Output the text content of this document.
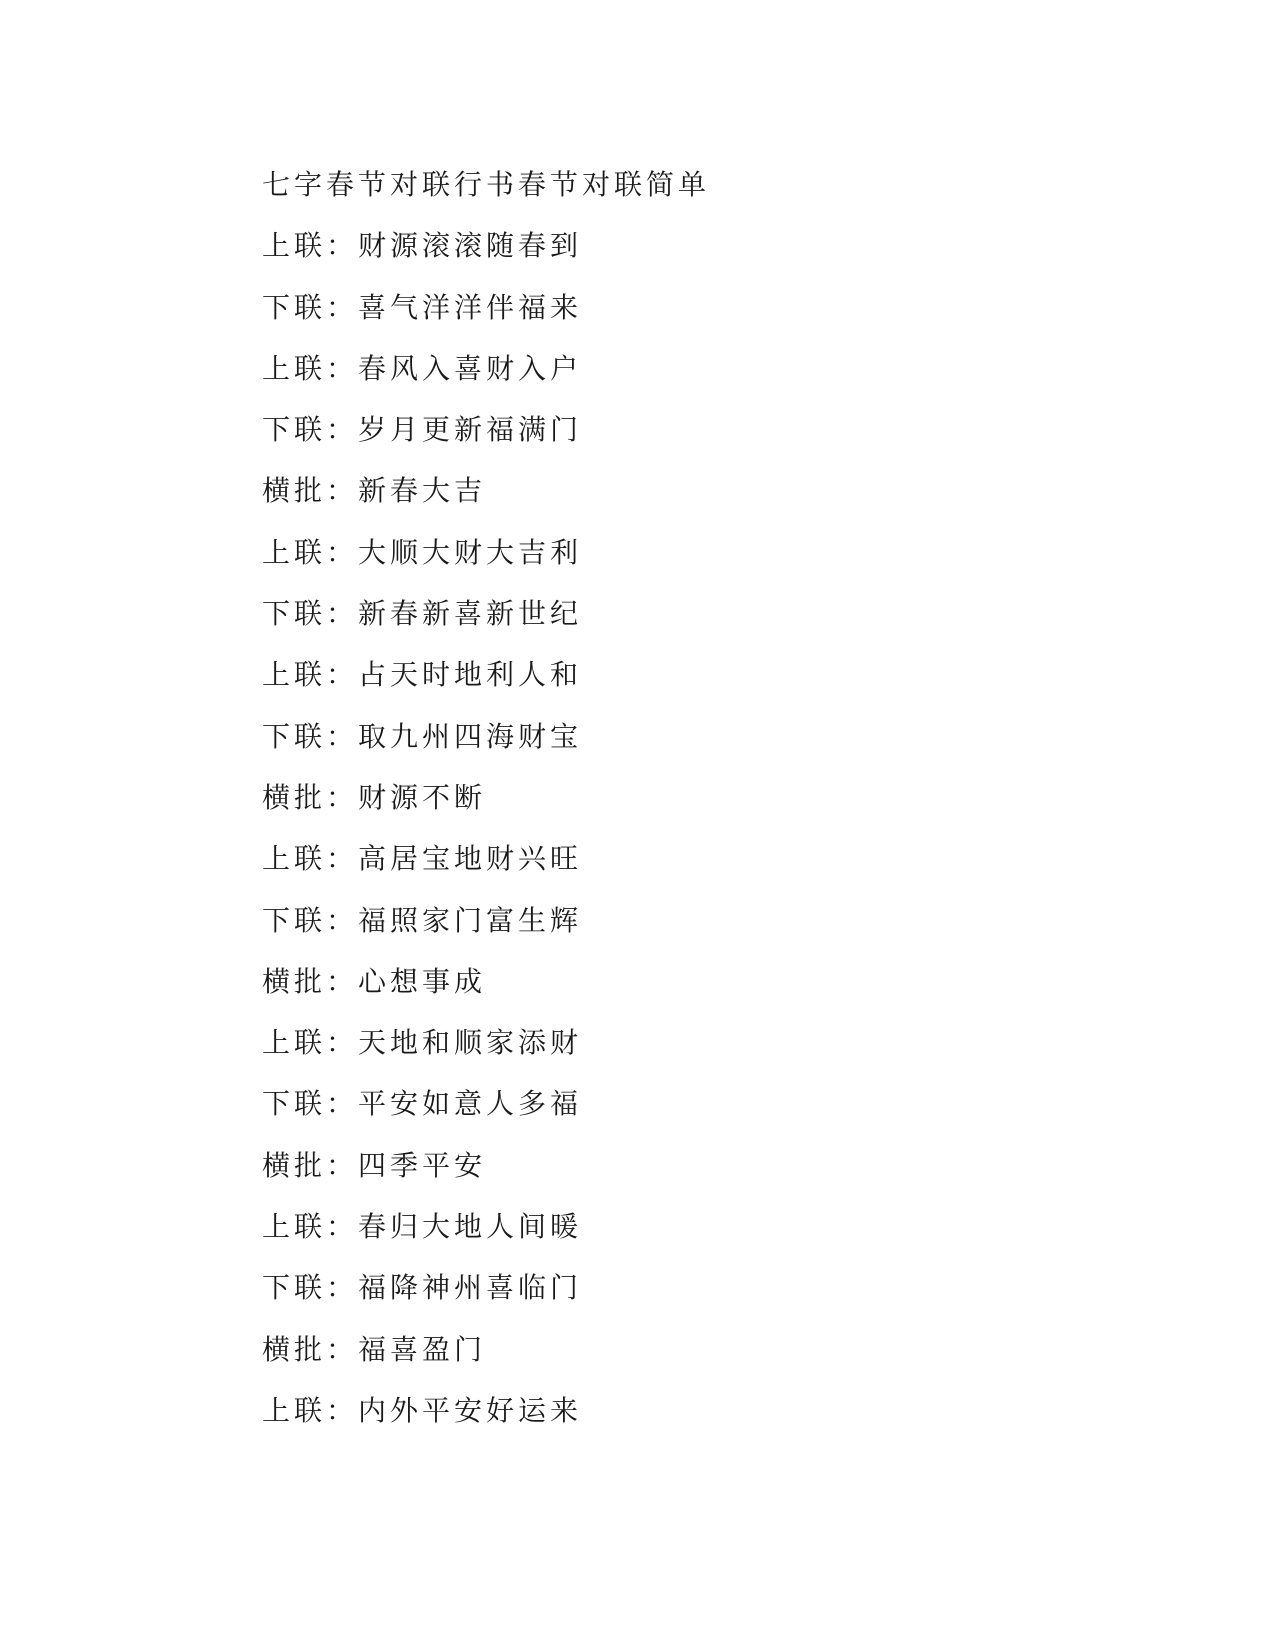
七字春节对联行书春节对联简单
上联：财源滚滚随春到
下联：喜气洋洋伴福来
上联：春风入喜财入户
下联：岁月更新福满门
横批：新春大吉
上联：大顺大财大吉利
下联：新春新喜新世纪
上联：占天时地利人和
下联：取九州四海财宝
横批：财源不断
上联：高居宝地财兴旺
下联：福照家门富生辉
横批：心想事成
上联：天地和顺家添财
下联：平安如意人多福
横批：四季平安
上联：春归大地人间暖
下联：福降神州喜临门
横批：福喜盈门
上联：内外平安好运来
